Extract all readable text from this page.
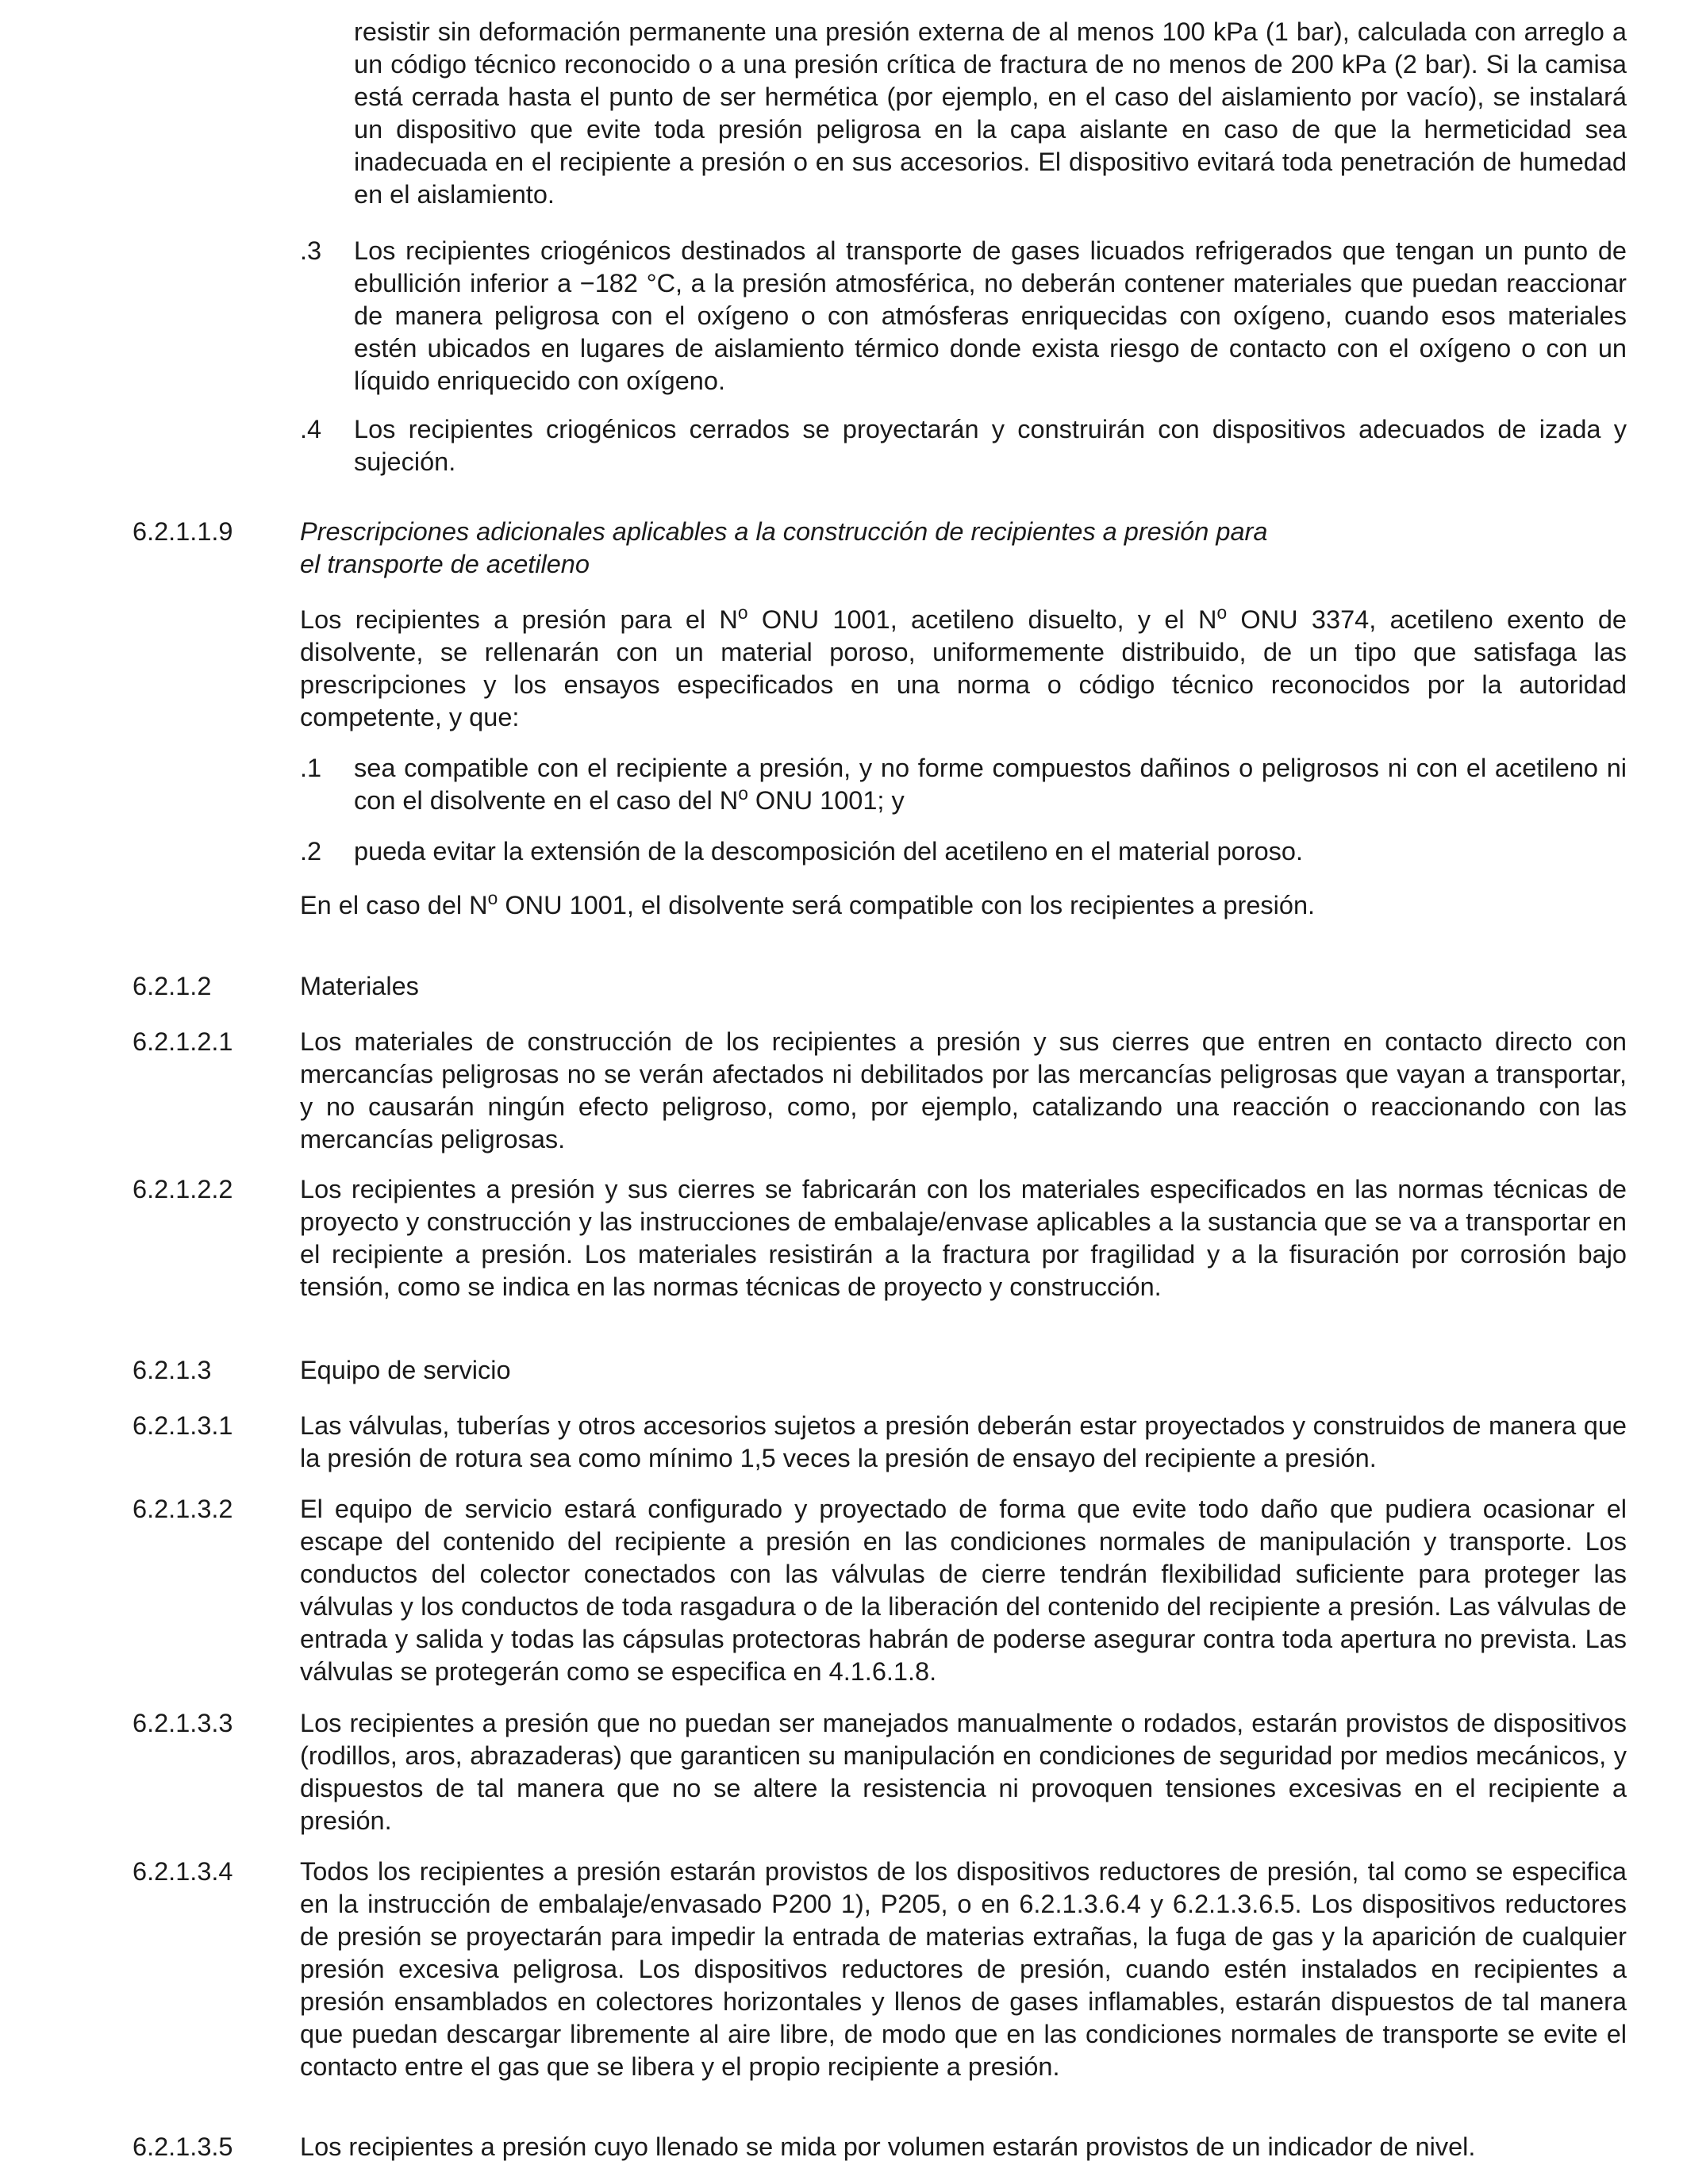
resistir sin deformación permanente una presión externa de al menos 100 kPa (1 bar), calculada con arreglo a un código técnico reconocido o a una presión crítica de fractura de no menos de 200 kPa (2 bar). Si la camisa está cerrada hasta el punto de ser hermética (por ejemplo, en el caso del aislamiento por vacío), se instalará un dispositivo que evite toda presión peligrosa en la capa aislante en caso de que la hermeticidad sea inadecuada en el recipiente a presión o en sus accesorios. El dispositivo evitará toda penetración de humedad en el aislamiento.

.3	Los recipientes criogénicos destinados al transporte de gases licuados refrigerados que tengan un punto de ebullición inferior a −182 °C, a la presión atmosférica, no deberán contener materiales que puedan reaccionar de manera peligrosa con el oxígeno o con atmósferas enriquecidas con oxígeno, cuando esos materiales estén ubicados en lugares de aislamiento térmico donde exista riesgo de contacto con el oxígeno o con un líquido enriquecido con oxígeno.

.4	Los recipientes criogénicos cerrados se proyectarán y construirán con dispositivos adecuados de izada y sujeción.

6.2.1.1.9	Prescripciones adicionales aplicables a la construcción de recipientes a presión para
el transporte de acetileno

Los recipientes a presión para el $N^o$ ONU 1001, acetileno disuelto, y el $N^o$ ONU 3374, acetileno exento de disolvente, se rellenarán con un material poroso, uniformemente distribuido, de un tipo que satisfaga las prescripciones y los ensayos especificados en una norma o código técnico reconocidos por la autoridad competente, y que:

.1	sea compatible con el recipiente a presión, y no forme compuestos dañinos o peligrosos ni con el acetileno ni con el disolvente en el caso del $N^o$ ONU 1001; y

.2	pueda evitar la extensión de la descomposición del acetileno en el material poroso.

En el caso del $N^o$ ONU 1001, el disolvente será compatible con los recipientes a presión.

6.2.1.2	Materiales
6.2.1.2.1	Los materiales de construcción de los recipientes a presión y sus cierres que entren en contacto directo con mercancías peligrosas no se verán afectados ni debilitados por las mercancías peligrosas que vayan a transportar, y no causarán ningún efecto peligroso, como, por ejemplo, catalizando una reacción o reaccionando con las mercancías peligrosas.

6.2.1.2.2	Los recipientes a presión y sus cierres se fabricarán con los materiales especificados en las normas técnicas de proyecto y construcción y las instrucciones de embalaje/envase aplicables a la sustancia que se va a transportar en el recipiente a presión. Los materiales resistirán a la fractura por fragilidad y a la fisuración por corrosión bajo tensión, como se indica en las normas técnicas de proyecto y construcción.

6.2.1.3	Equipo de servicio
6.2.1.3.1	Las válvulas, tuberías y otros accesorios sujetos a presión deberán estar proyectados y construidos de manera que la presión de rotura sea como mínimo 1,5 veces la presión de ensayo del recipiente a presión.

6.2.1.3.2	El equipo de servicio estará configurado y proyectado de forma que evite todo daño que pudiera ocasionar el escape del contenido del recipiente a presión en las condiciones normales de manipulación y transporte. Los conductos del colector conectados con las válvulas de cierre tendrán flexibilidad suficiente para proteger las válvulas y los conductos de toda rasgadura o de la liberación del contenido del recipiente a presión. Las válvulas de entrada y salida y todas las cápsulas protectoras habrán de poderse asegurar contra toda apertura no prevista. Las válvulas se protegerán como se especifica en 4.1.6.1.8.

6.2.1.3.3	Los recipientes a presión que no puedan ser manejados manualmente o rodados, estarán provistos de dispositivos (rodillos, aros, abrazaderas) que garanticen su manipulación en condiciones de seguridad por medios mecánicos, y dispuestos de tal manera que no se altere la resistencia ni provoquen tensiones excesivas en el recipiente a presión.

6.2.1.3.4	Todos los recipientes a presión estarán provistos de los dispositivos reductores de presión, tal como se especifica en la instrucción de embalaje/envasado P200 1), P205, o en 6.2.1.3.6.4 y 6.2.1.3.6.5. Los dispositivos reductores de presión se proyectarán para impedir la entrada de materias extrañas, la fuga de gas y la aparición de cualquier presión excesiva peligrosa. Los dispositivos reductores de presión, cuando estén instalados en recipientes a presión ensamblados en colectores horizontales y llenos de gases inflamables, estarán dispuestos de tal manera que puedan descargar libremente al aire libre, de modo que en las condiciones normales de transporte se evite el contacto entre el gas que se libera y el propio recipiente a presión.

6.2.1.3.5	Los recipientes a presión cuyo llenado se mida por volumen estarán provistos de un indicador de nivel.
